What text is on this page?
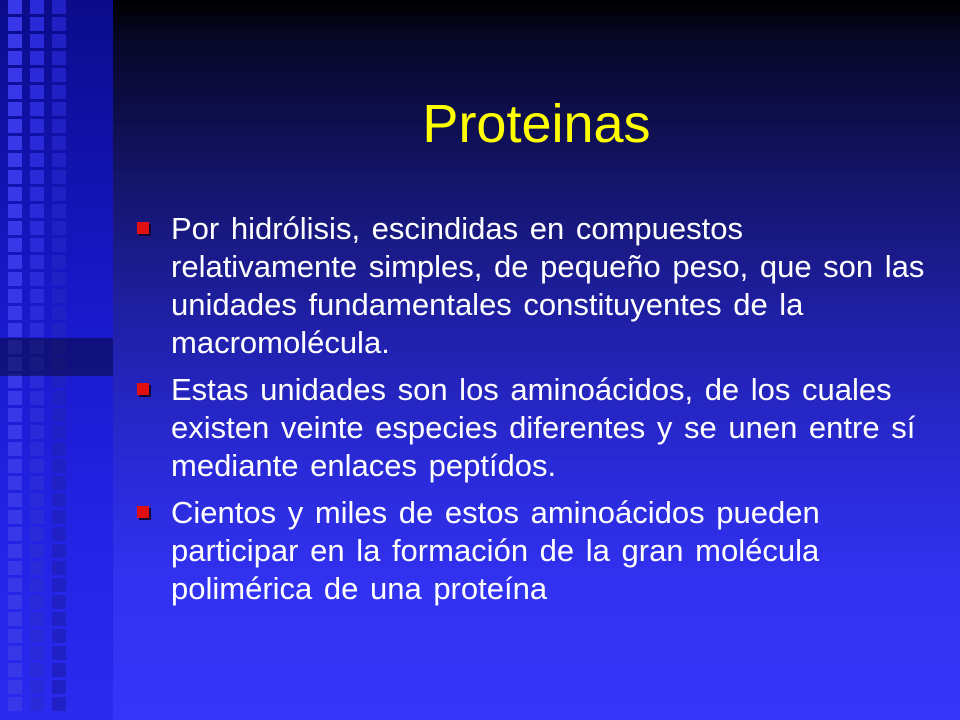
Proteinas
Por hidrólisis, escindidas en compuestos relativamente simples, de pequeño peso, que son las unidades fundamentales constituyentes de la macromolécula.
Estas unidades son los aminoácidos, de los cuales existen veinte especies diferentes y se unen entre sí mediante enlaces peptídos.
Cientos y miles de estos aminoácidos pueden participar en la formación de la gran molécula polimérica de una proteína
